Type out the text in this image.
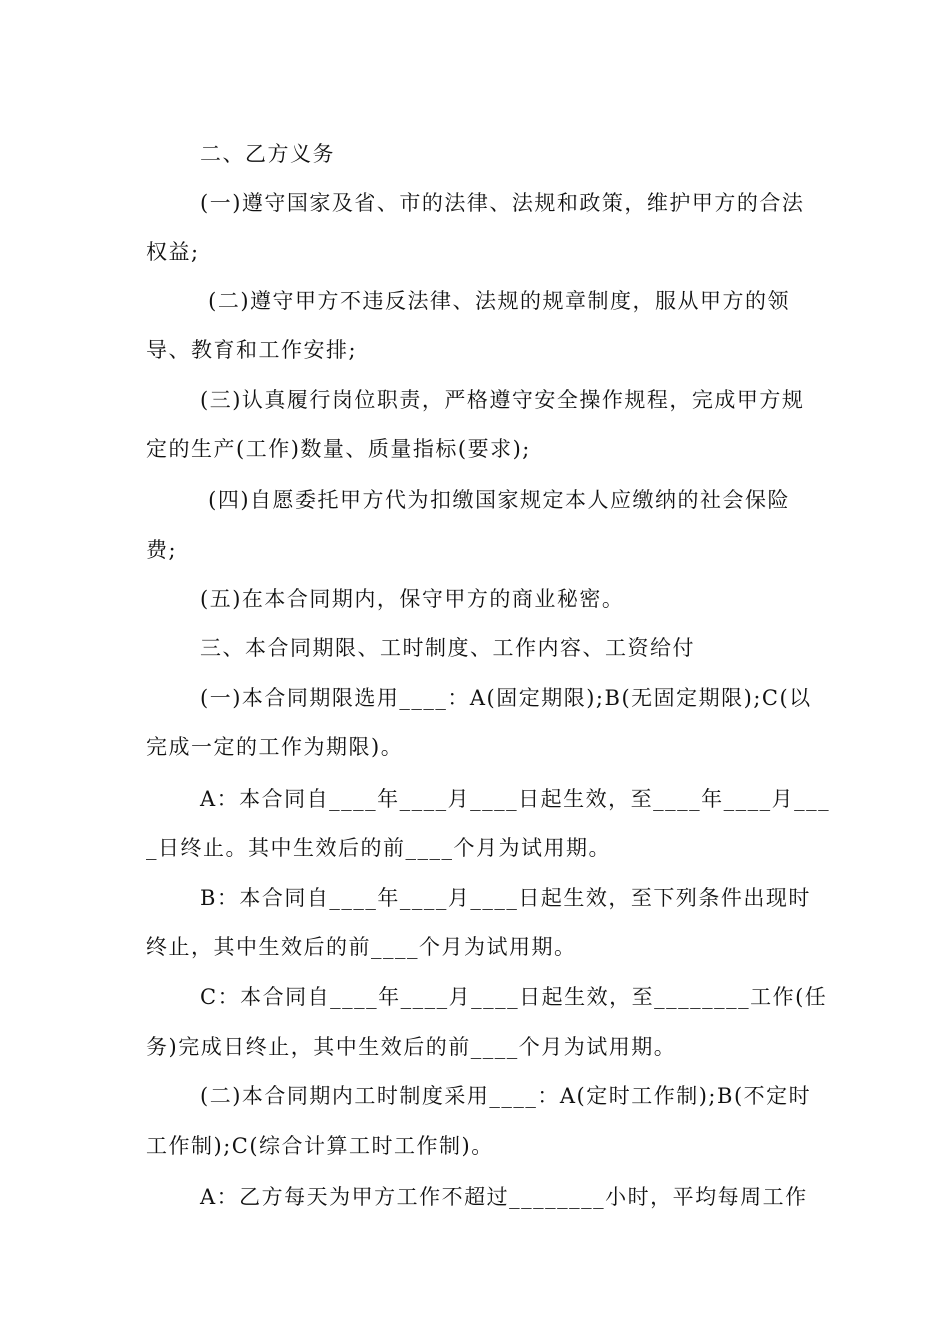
二、乙方义务

(一)遵守国家及省、市的法律、法规和政策，维护甲方的合法

权益;

(二)遵守甲方不违反法律、法规的规章制度，服从甲方的领

导、教育和工作安排;

(三)认真履行岗位职责，严格遵守安全操作规程，完成甲方规

定的生产(工作)数量、质量指标(要求);

(四)自愿委托甲方代为扣缴国家规定本人应缴纳的社会保险

费;

(五)在本合同期内，保守甲方的商业秘密。

三、本合同期限、工时制度、工作内容、工资给付

(一)本合同期限选用____：A(固定期限);B(无固定期限);C(以

完成一定的工作为期限)。

A：本合同自____年____月____日起生效，至____年____月___

_日终止。其中生效后的前____个月为试用期。

B：本合同自____年____月____日起生效，至下列条件出现时

终止，其中生效后的前____个月为试用期。

C：本合同自____年____月____日起生效，至________工作(任

务)完成日终止，其中生效后的前____个月为试用期。

(二)本合同期内工时制度采用____：A(定时工作制);B(不定时

工作制);C(综合计算工时工作制)。

A：乙方每天为甲方工作不超过________小时，平均每周工作
